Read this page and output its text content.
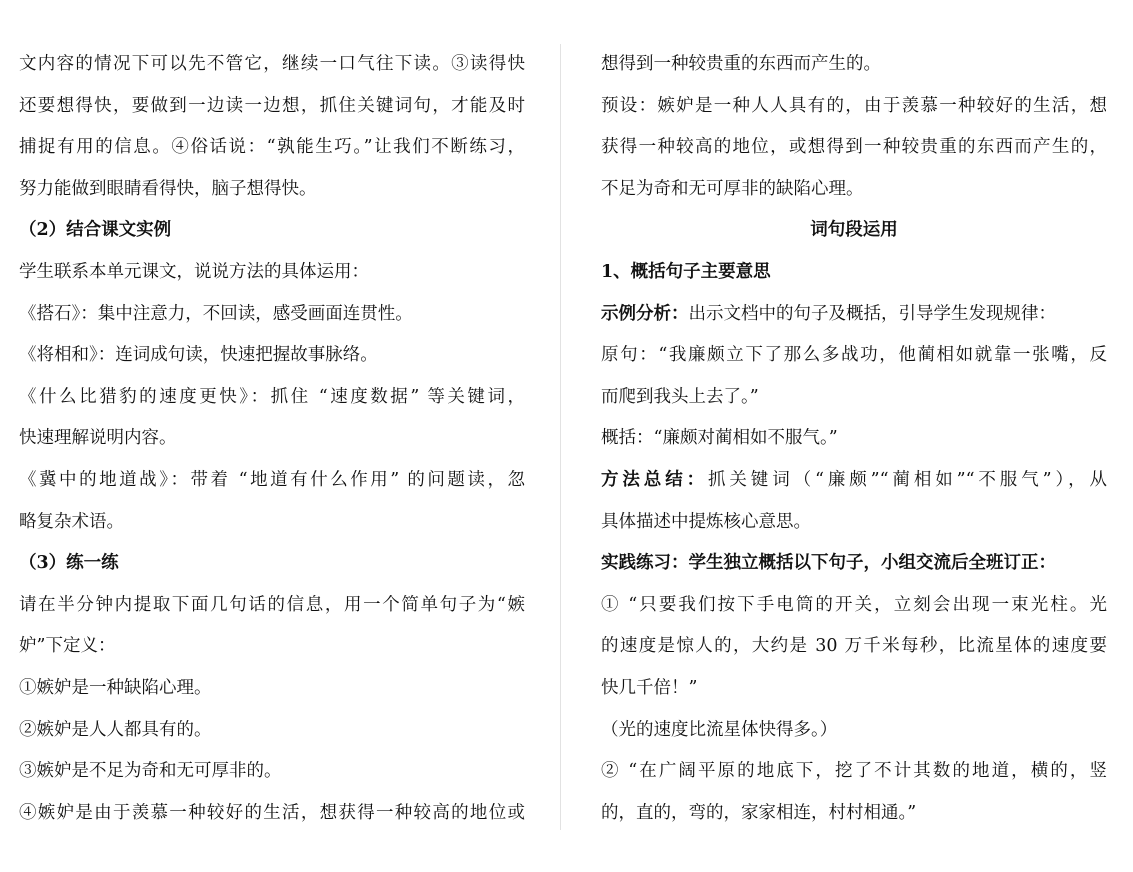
文内容的情况下可以先不管它，继续一口气往下读。③读得快
还要想得快，要做到一边读一边想，抓住关键词句，才能及时
捕捉有用的信息。④俗话说：“孰能生巧。”让我们不断练习，
努力能做到眼睛看得快，脑子想得快。
（2）结合课文实例
学生联系本单元课文，说说方法的具体运用：
《搭石》：集中注意力，不回读，感受画面连贯性。
《将相和》：连词成句读，快速把握故事脉络。
《什么比猎豹的速度更快》：抓住 “速度数据” 等关键词，
快速理解说明内容。
《冀中的地道战》：带着 “地道有什么作用” 的问题读，忽
略复杂术语。
（3）练一练
请在半分钟内提取下面几句话的信息，用一个简单句子为“嫉
妒”下定义：
①嫉妒是一种缺陷心理。
②嫉妒是人人都具有的。
③嫉妒是不足为奇和无可厚非的。
④嫉妒是由于羡慕一种较好的生活，想获得一种较高的地位或
想得到一种较贵重的东西而产生的。
预设：嫉妒是一种人人具有的，由于羡慕一种较好的生活，想
获得一种较高的地位，或想得到一种较贵重的东西而产生的，
不足为奇和无可厚非的缺陷心理。
词句段运用
1、概括句子主要意思
示例分析：出示文档中的句子及概括，引导学生发现规律：
原句：“我廉颇立下了那么多战功，他蔺相如就靠一张嘴，反
而爬到我头上去了。”
概括：“廉颇对蔺相如不服气。”
方法总结：抓关键词（“廉颇”“蔺相如”“不服气”），从
具体描述中提炼核心意思。
实践练习：学生独立概括以下句子，小组交流后全班订正：
① “只要我们按下手电筒的开关，立刻会出现一束光柱。光
的速度是惊人的，大约是 30 万千米每秒，比流星体的速度要
快几千倍！”
（光的速度比流星体快得多。）
② “在广阔平原的地底下，挖了不计其数的地道，横的，竖
的，直的，弯的，家家相连，村村相通。”
